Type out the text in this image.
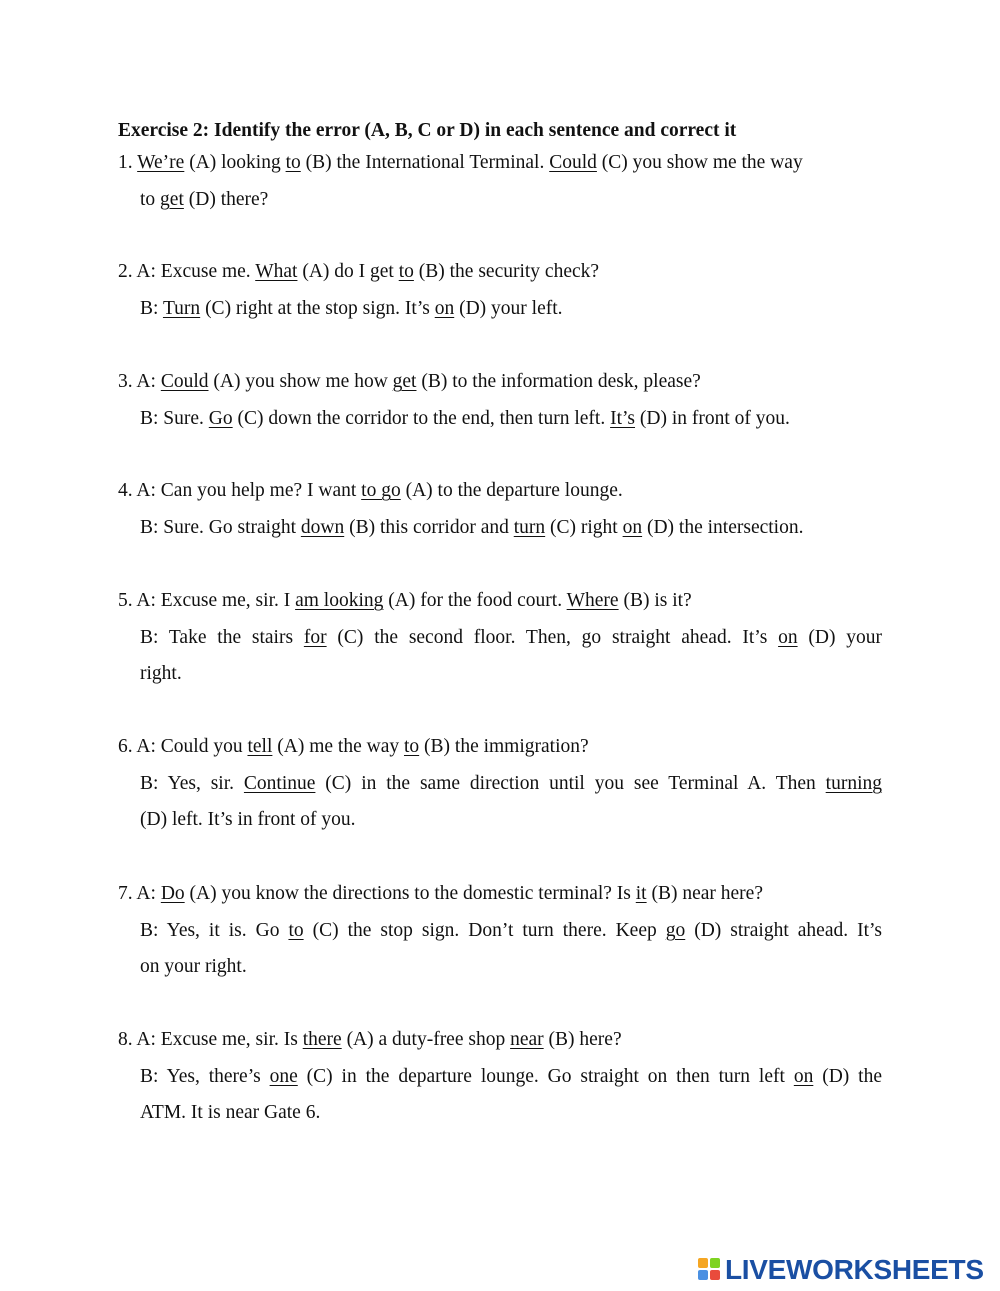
Exercise 2: Identify the error (A, B, C or D) in each sentence and correct it
1. We’re (A) looking to (B) the International Terminal. Could (C) you show me the way
to get (D) there?
2. A: Excuse me. What (A) do I get to (B) the security check?
B: Turn (C) right at the stop sign. It’s on (D) your left.
3. A: Could (A) you show me how get (B) to the information desk, please?
B: Sure. Go (C) down the corridor to the end, then turn left. It’s (D) in front of you.
4. A: Can you help me? I want to go (A) to the departure lounge.
B: Sure. Go straight down (B) this corridor and turn (C) right on (D) the intersection.
5. A: Excuse me, sir. I am looking (A) for the food court. Where (B) is it?
B: Take the stairs for (C) the second floor. Then, go straight ahead. It’s on (D) your
right.
6. A: Could you tell (A) me the way to (B) the immigration?
B: Yes, sir. Continue (C) in the same direction until you see Terminal A. Then turning
(D) left. It’s in front of you.
7. A: Do (A) you know the directions to the domestic terminal? Is it (B) near here?
B: Yes, it is. Go to (C) the stop sign. Don’t turn there. Keep go (D) straight ahead. It’s
on your right.
8. A: Excuse me, sir. Is there (A) a duty-free shop near (B) here?
B: Yes, there’s one (C) in the departure lounge. Go straight on then turn left on (D) the
ATM. It is near Gate 6.
LIVEWORKSHEETS
